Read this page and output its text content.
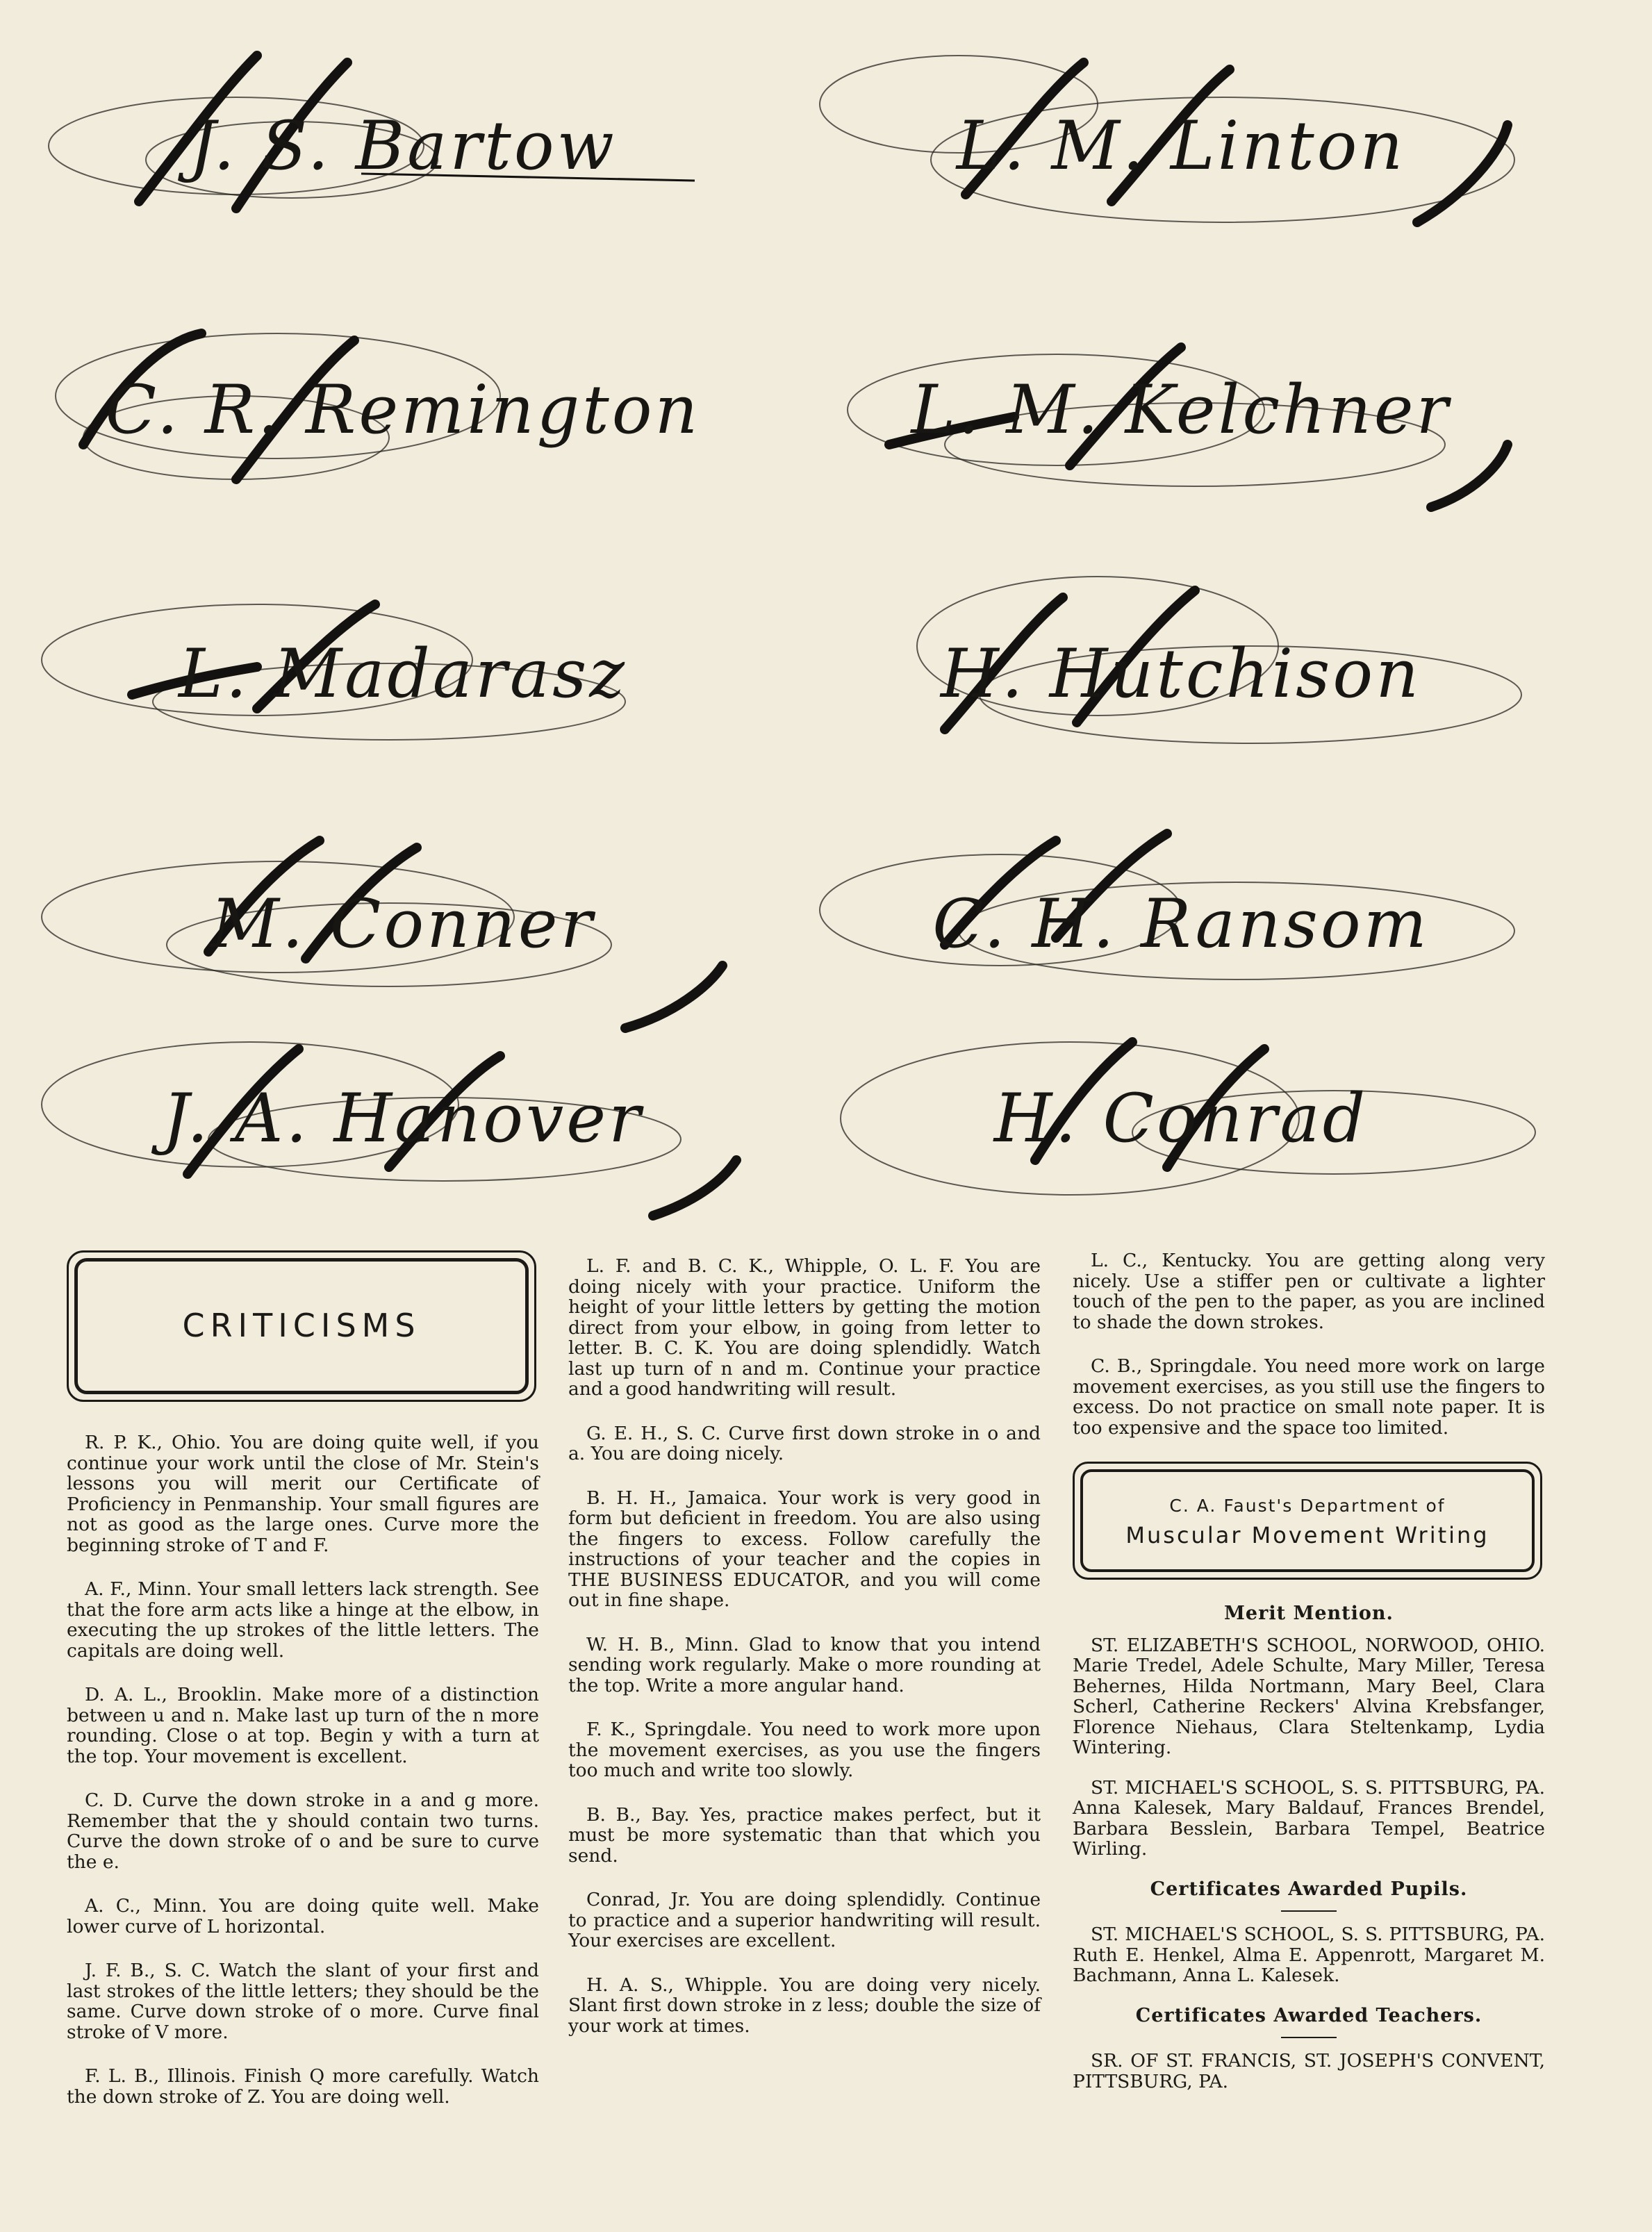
J. S. Bartow	L. M. Linton
C. R. Remington	L. M. Kelchner
L. Madarasz	H. Hutchison
M. Conner	C. H. Ransom
J. A. Hanover	H. Conrad
CRITICISMS

R. P. K., Ohio. You are doing quite well, if you continue your work until the close of Mr. Stein's lessons you will merit our Certificate of Proficiency in Penmanship. Your small figures are not as good as the large ones. Curve more the beginning stroke of T and F.

A. F., Minn. Your small letters lack strength. See that the fore arm acts like a hinge at the elbow, in executing the up strokes of the little letters. The capitals are doing well.

D. A. L., Brooklin. Make more of a distinction between u and n. Make last up turn of the n more rounding. Close o at top. Begin y with a turn at the top. Your movement is excellent.

C. D. Curve the down stroke in a and g more. Remember that the y should contain two turns. Curve the down stroke of o and be sure to curve the e.

A. C., Minn. You are doing quite well. Make lower curve of L horizontal.

J. F. B., S. C. Watch the slant of your first and last strokes of the little letters; they should be the same. Curve down stroke of o more. Curve final stroke of V more.

F. L. B., Illinois. Finish Q more carefully. Watch the down stroke of Z. You are doing well.

L. F. and B. C. K., Whipple, O. L. F. You are doing nicely with your practice. Uniform the height of your little letters by getting the motion direct from your elbow, in going from letter to letter. B. C. K. You are doing splendidly. Watch last up turn of n and m. Continue your practice and a good handwriting will result.

G. E. H., S. C. Curve first down stroke in o and a. You are doing nicely.

B. H. H., Jamaica. Your work is very good in form but deficient in freedom. You are also using the fingers to excess. Follow carefully the instructions of your teacher and the copies in THE BUSINESS EDUCATOR, and you will come out in fine shape.

W. H. B., Minn. Glad to know that you intend sending work regularly. Make o more rounding at the top. Write a more angular hand.

F. K., Springdale. You need to work more upon the movement exercises, as you use the fingers too much and write too slowly.

B. B., Bay. Yes, practice makes perfect, but it must be more systematic than that which you send.

Conrad, Jr. You are doing splendidly. Continue to practice and a superior handwriting will result. Your exercises are excellent.

H. A. S., Whipple. You are doing very nicely. Slant first down stroke in z less; double the size of your work at times.

L. C., Kentucky. You are getting along very nicely. Use a stiffer pen or cultivate a lighter touch of the pen to the paper, as you are inclined to shade the down strokes.

C. B., Springdale. You need more work on large movement exercises, as you still use the fingers to excess. Do not practice on small note paper. It is too expensive and the space too limited.

C. A. Faust's Department of
Muscular Movement Writing
Merit Mention.

ST. ELIZABETH'S SCHOOL, NORWOOD, OHIO. Marie Tredel, Adele Schulte, Mary Miller, Teresa Behernes, Hilda Nortmann, Mary Beel, Clara Scherl, Catherine Reckers' Alvina Krebsfanger, Florence Niehaus, Clara Steltenkamp, Lydia Wintering.

ST. MICHAEL'S SCHOOL, S. S. PITTSBURG, PA. Anna Kalesek, Mary Baldauf, Frances Brendel, Barbara Besslein, Barbara Tempel, Beatrice Wirling.

Certificates Awarded Pupils.

ST. MICHAEL'S SCHOOL, S. S. PITTSBURG, PA. Ruth E. Henkel, Alma E. Appenrott, Margaret M. Bachmann, Anna L. Kalesek.

Certificates Awarded Teachers.

SR. OF ST. FRANCIS, ST. JOSEPH'S CONVENT, PITTSBURG, PA.
